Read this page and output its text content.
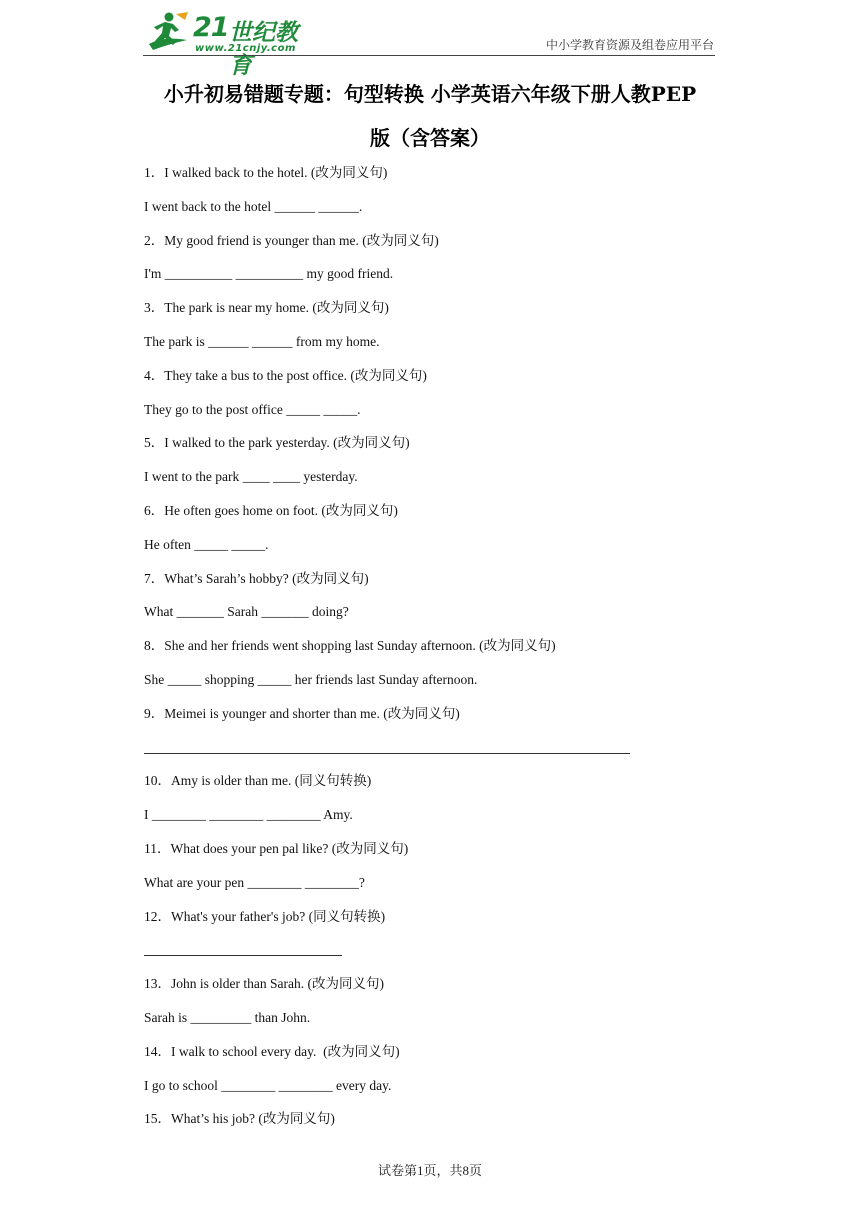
21 世纪教育
www.21cnjy.com	中小学教育资源及组卷应用平台
小升初易错题专题：句型转换 小学英语六年级下册人教PEP
版（含答案）
1．I walked back to the hotel. (改为同义句)
I went back to the hotel ______ ______.
2．My good friend is younger than me. (改为同义句)
I'm __________ __________ my good friend.
3．The park is near my home. (改为同义句)
The park is ______ ______ from my home.
4．They take a bus to the post office. (改为同义句)
They go to the post office _____ _____.
5．I walked to the park yesterday. (改为同义句)
I went to the park ____ ____ yesterday.
6．He often goes home on foot. (改为同义句)
He often _____ _____.
7．What’s Sarah’s hobby? (改为同义句)
What _______ Sarah _______ doing?
8．She and her friends went shopping last Sunday afternoon. (改为同义句)
She _____ shopping _____ her friends last Sunday afternoon.
9．Meimei is younger and shorter than me. (改为同义句)

10．Amy is older than me. (同义句转换)
I ________ ________ ________ Amy.
11．What does your pen pal like? (改为同义句)
What are your pen ________ ________?
12．What's your father's job? (同义句转换)

13．John is older than Sarah. (改为同义句)
Sarah is _________ than John.
14．I walk to school every day.  (改为同义句)
I go to school ________ ________ every day.
15．What’s his job? (改为同义句)
试卷第1页，共8页
